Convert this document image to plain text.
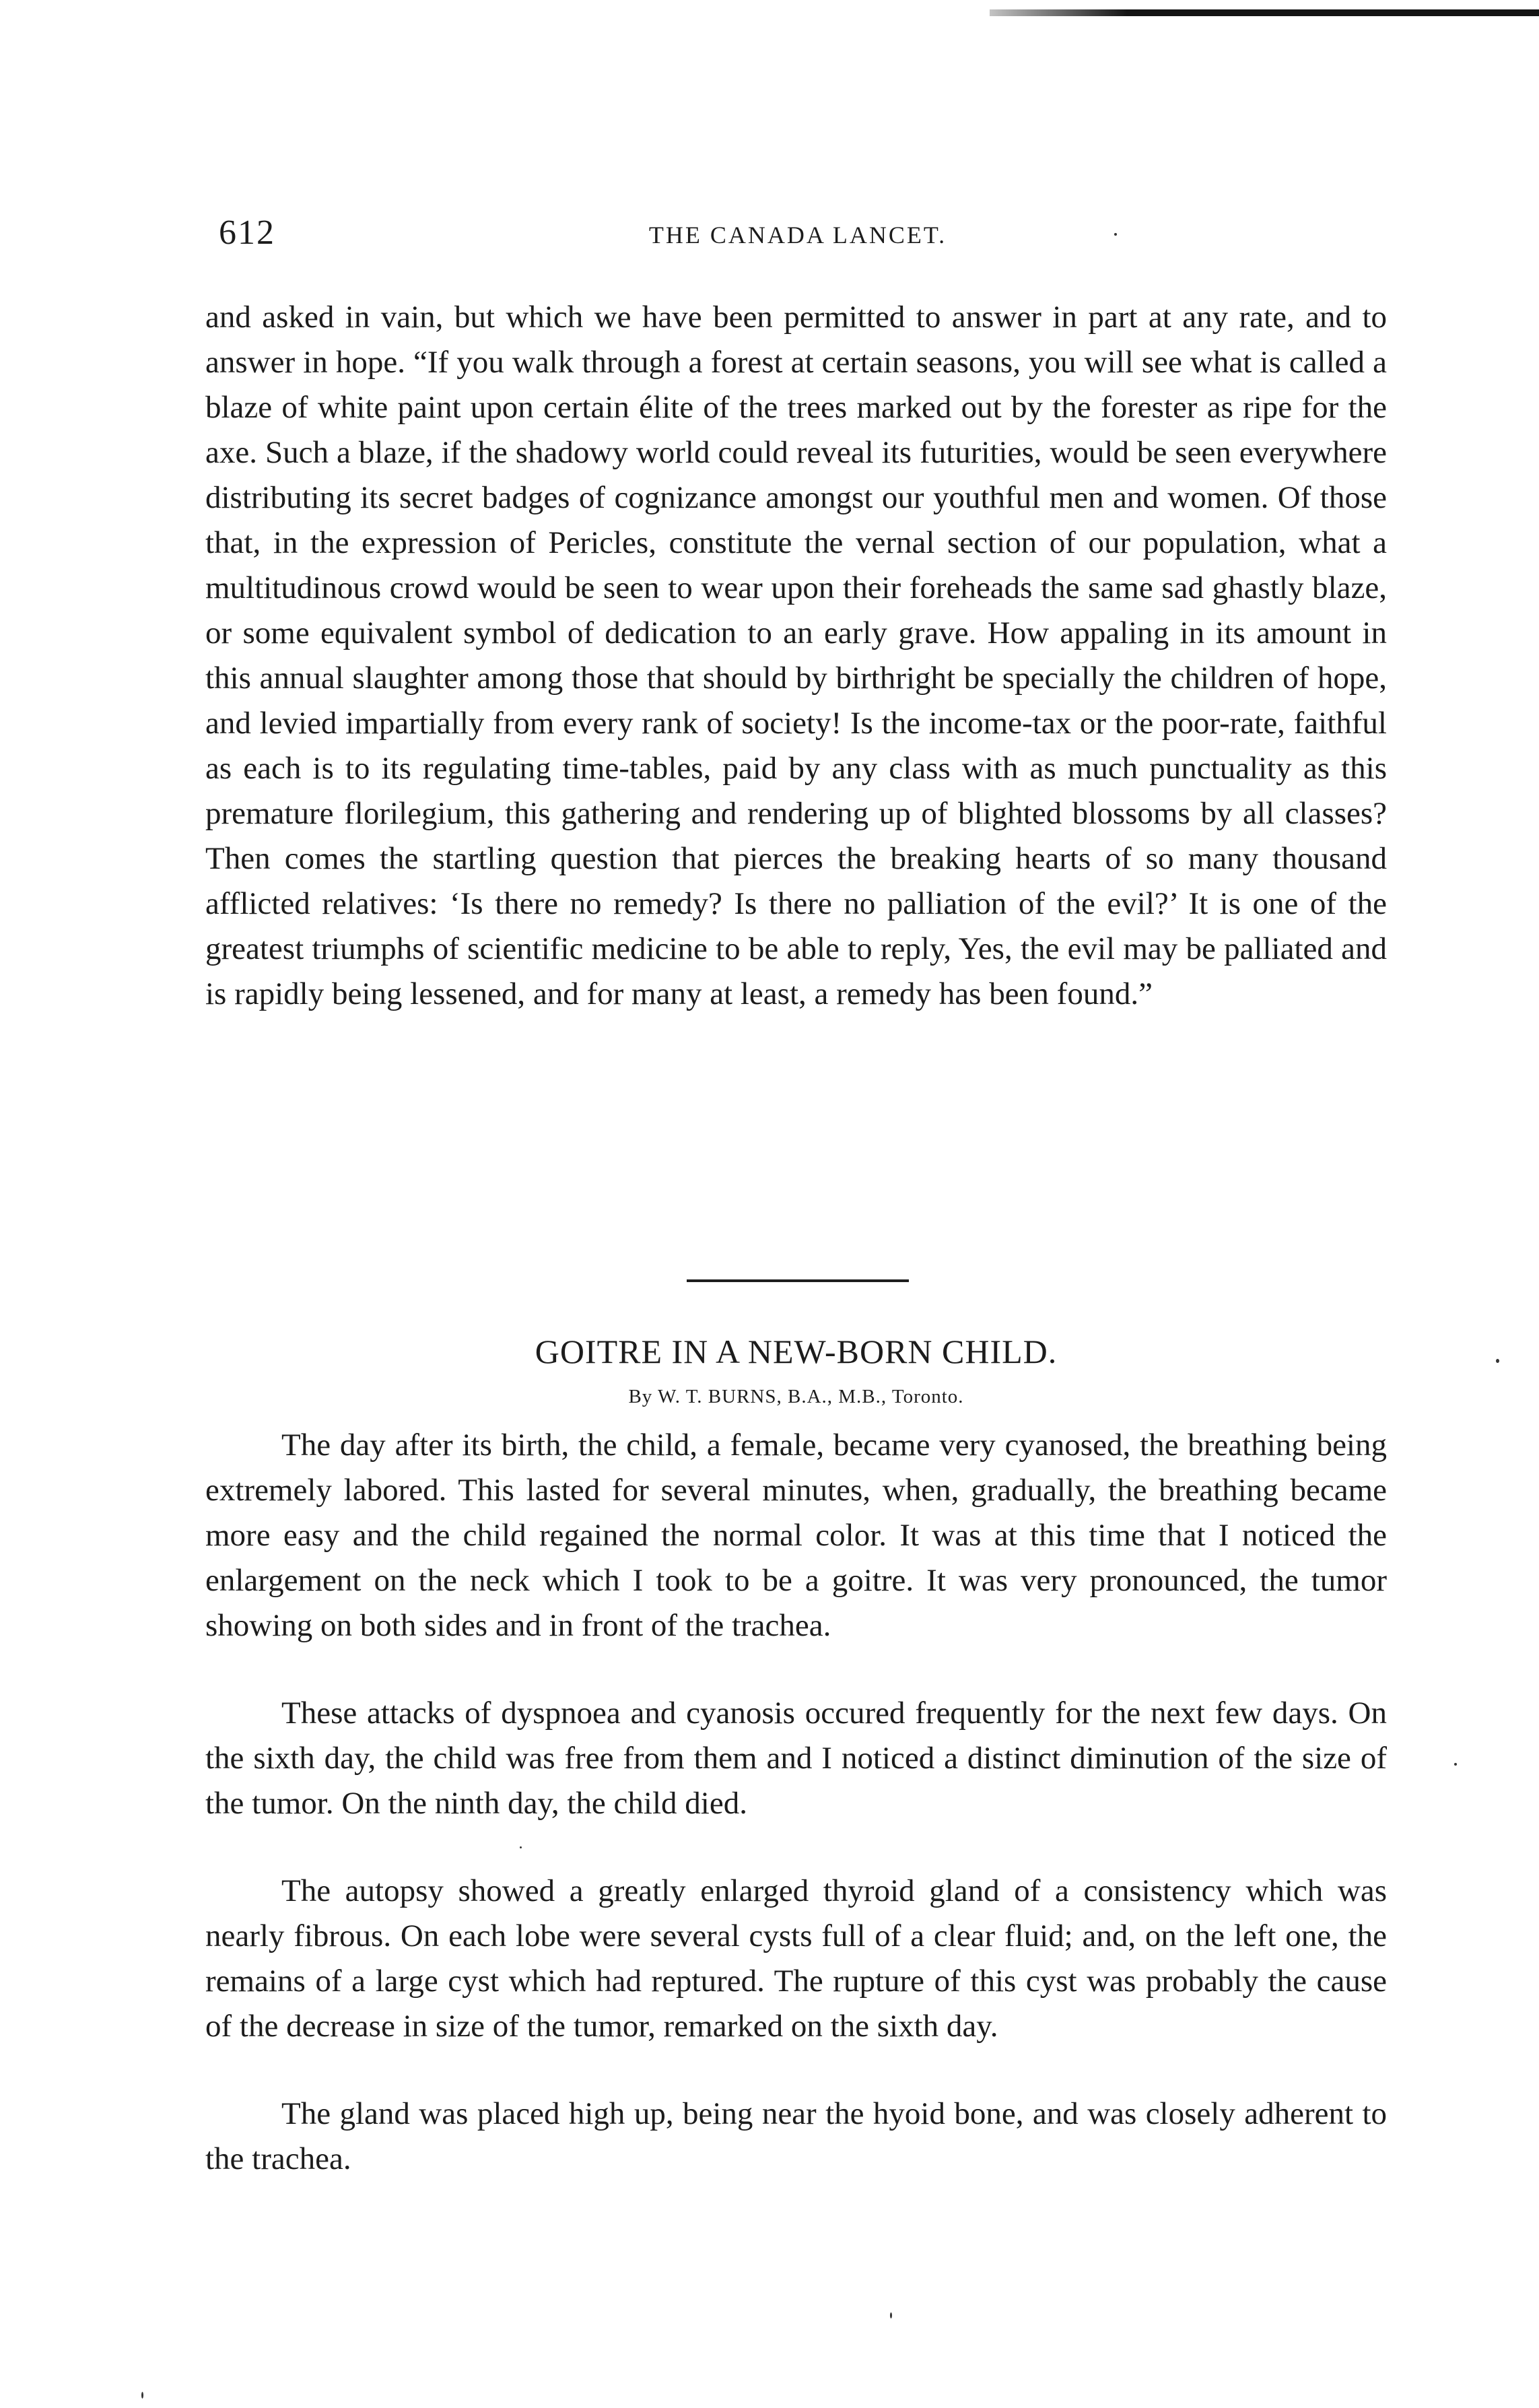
612	THE CANADA LANCET.

and asked in vain, but which we have been permitted to answer in part at any rate, and to answer in hope. “If you walk through a forest at certain seasons, you will see what is called a blaze of white paint upon certain élite of the trees marked out by the forester as ripe for the axe. Such a blaze, if the shadowy world could reveal its futurities, would be seen everywhere distributing its secret badges of cognizance amongst our youthful men and women. Of those that, in the expression of Pericles, constitute the vernal section of our population, what a multitudinous crowd would be seen to wear upon their foreheads the same sad ghastly blaze, or some equivalent symbol of dedication to an early grave. How appaling in its amount in this annual slaughter among those that should by birthright be specially the children of hope, and levied impartially from every rank of society! Is the income-tax or the poor-rate, faithful as each is to its regulating time-tables, paid by any class with as much punctuality as this premature florilegium, this gathering and rendering up of blighted blossoms by all classes? Then comes the startling question that pierces the breaking hearts of so many thousand afflicted relatives: ‘Is there no remedy? Is there no palliation of the evil?’ It is one of the greatest triumphs of scientific medicine to be able to reply, Yes, the evil may be palliated and is rapidly being lessened, and for many at least, a remedy has been found.”

GOITRE IN A NEW-BORN CHILD.
By W. T. BURNS, B.A., M.B., Toronto.

The day after its birth, the child, a female, became very cyanosed, the breathing being extremely labored. This lasted for several minutes, when, gradually, the breathing became more easy and the child regained the normal color. It was at this time that I noticed the enlargement on the neck which I took to be a goitre. It was very pronounced, the tumor showing on both sides and in front of the trachea.

These attacks of dyspnoea and cyanosis occured frequently for the next few days. On the sixth day, the child was free from them and I noticed a distinct diminution of the size of the tumor. On the ninth day, the child died.

The autopsy showed a greatly enlarged thyroid gland of a consistency which was nearly fibrous. On each lobe were several cysts full of a clear fluid; and, on the left one, the remains of a large cyst which had reptured. The rupture of this cyst was probably the cause of the decrease in size of the tumor, remarked on the sixth day.

The gland was placed high up, being near the hyoid bone, and was closely adherent to the trachea.
